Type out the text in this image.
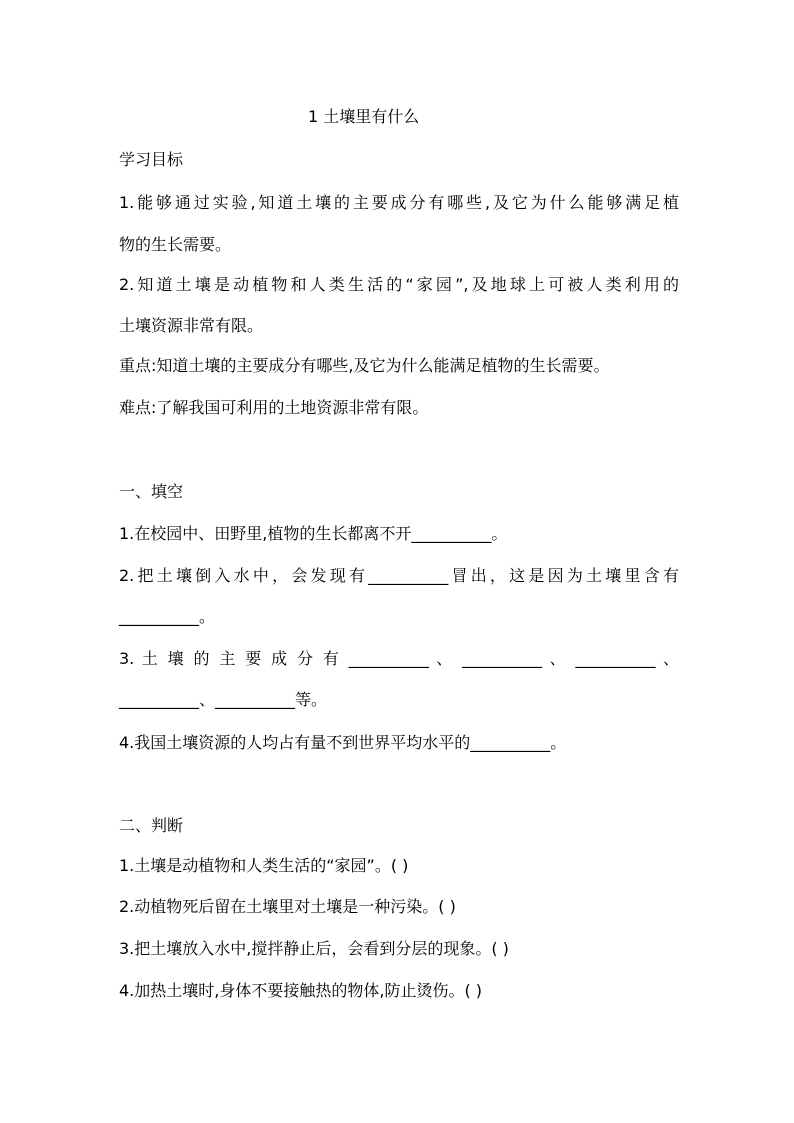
1 土壤里有什么
学习目标
1.能够通过实验,知道土壤的主要成分有哪些,及它为什么能够满足植
物的生长需要。
2.知道土壤是动植物和人类生活的“家园”,及地球上可被人类利用的
土壤资源非常有限。
重点:知道土壤的主要成分有哪些,及它为什么能满足植物的生长需要。
难点:了解我国可利用的土地资源非常有限。
一、填空
1.在校园中、田野里,植物的生长都离不开__________。
2.把土壤倒入水中，会发现有__________冒出，这是因为土壤里含有
__________。
3. 土 壤 的 主 要 成 分 有 __________ 、 __________ 、 __________ 、
__________、__________等。
4.我国土壤资源的人均占有量不到世界平均水平的__________。
二、判断
1.土壤是动植物和人类生活的“家园”。( )
2.动植物死后留在土壤里对土壤是一种污染。( )
3.把土壤放入水中,搅拌静止后，会看到分层的现象。( )
4.加热土壤时,身体不要接触热的物体,防止烫伤。( )
